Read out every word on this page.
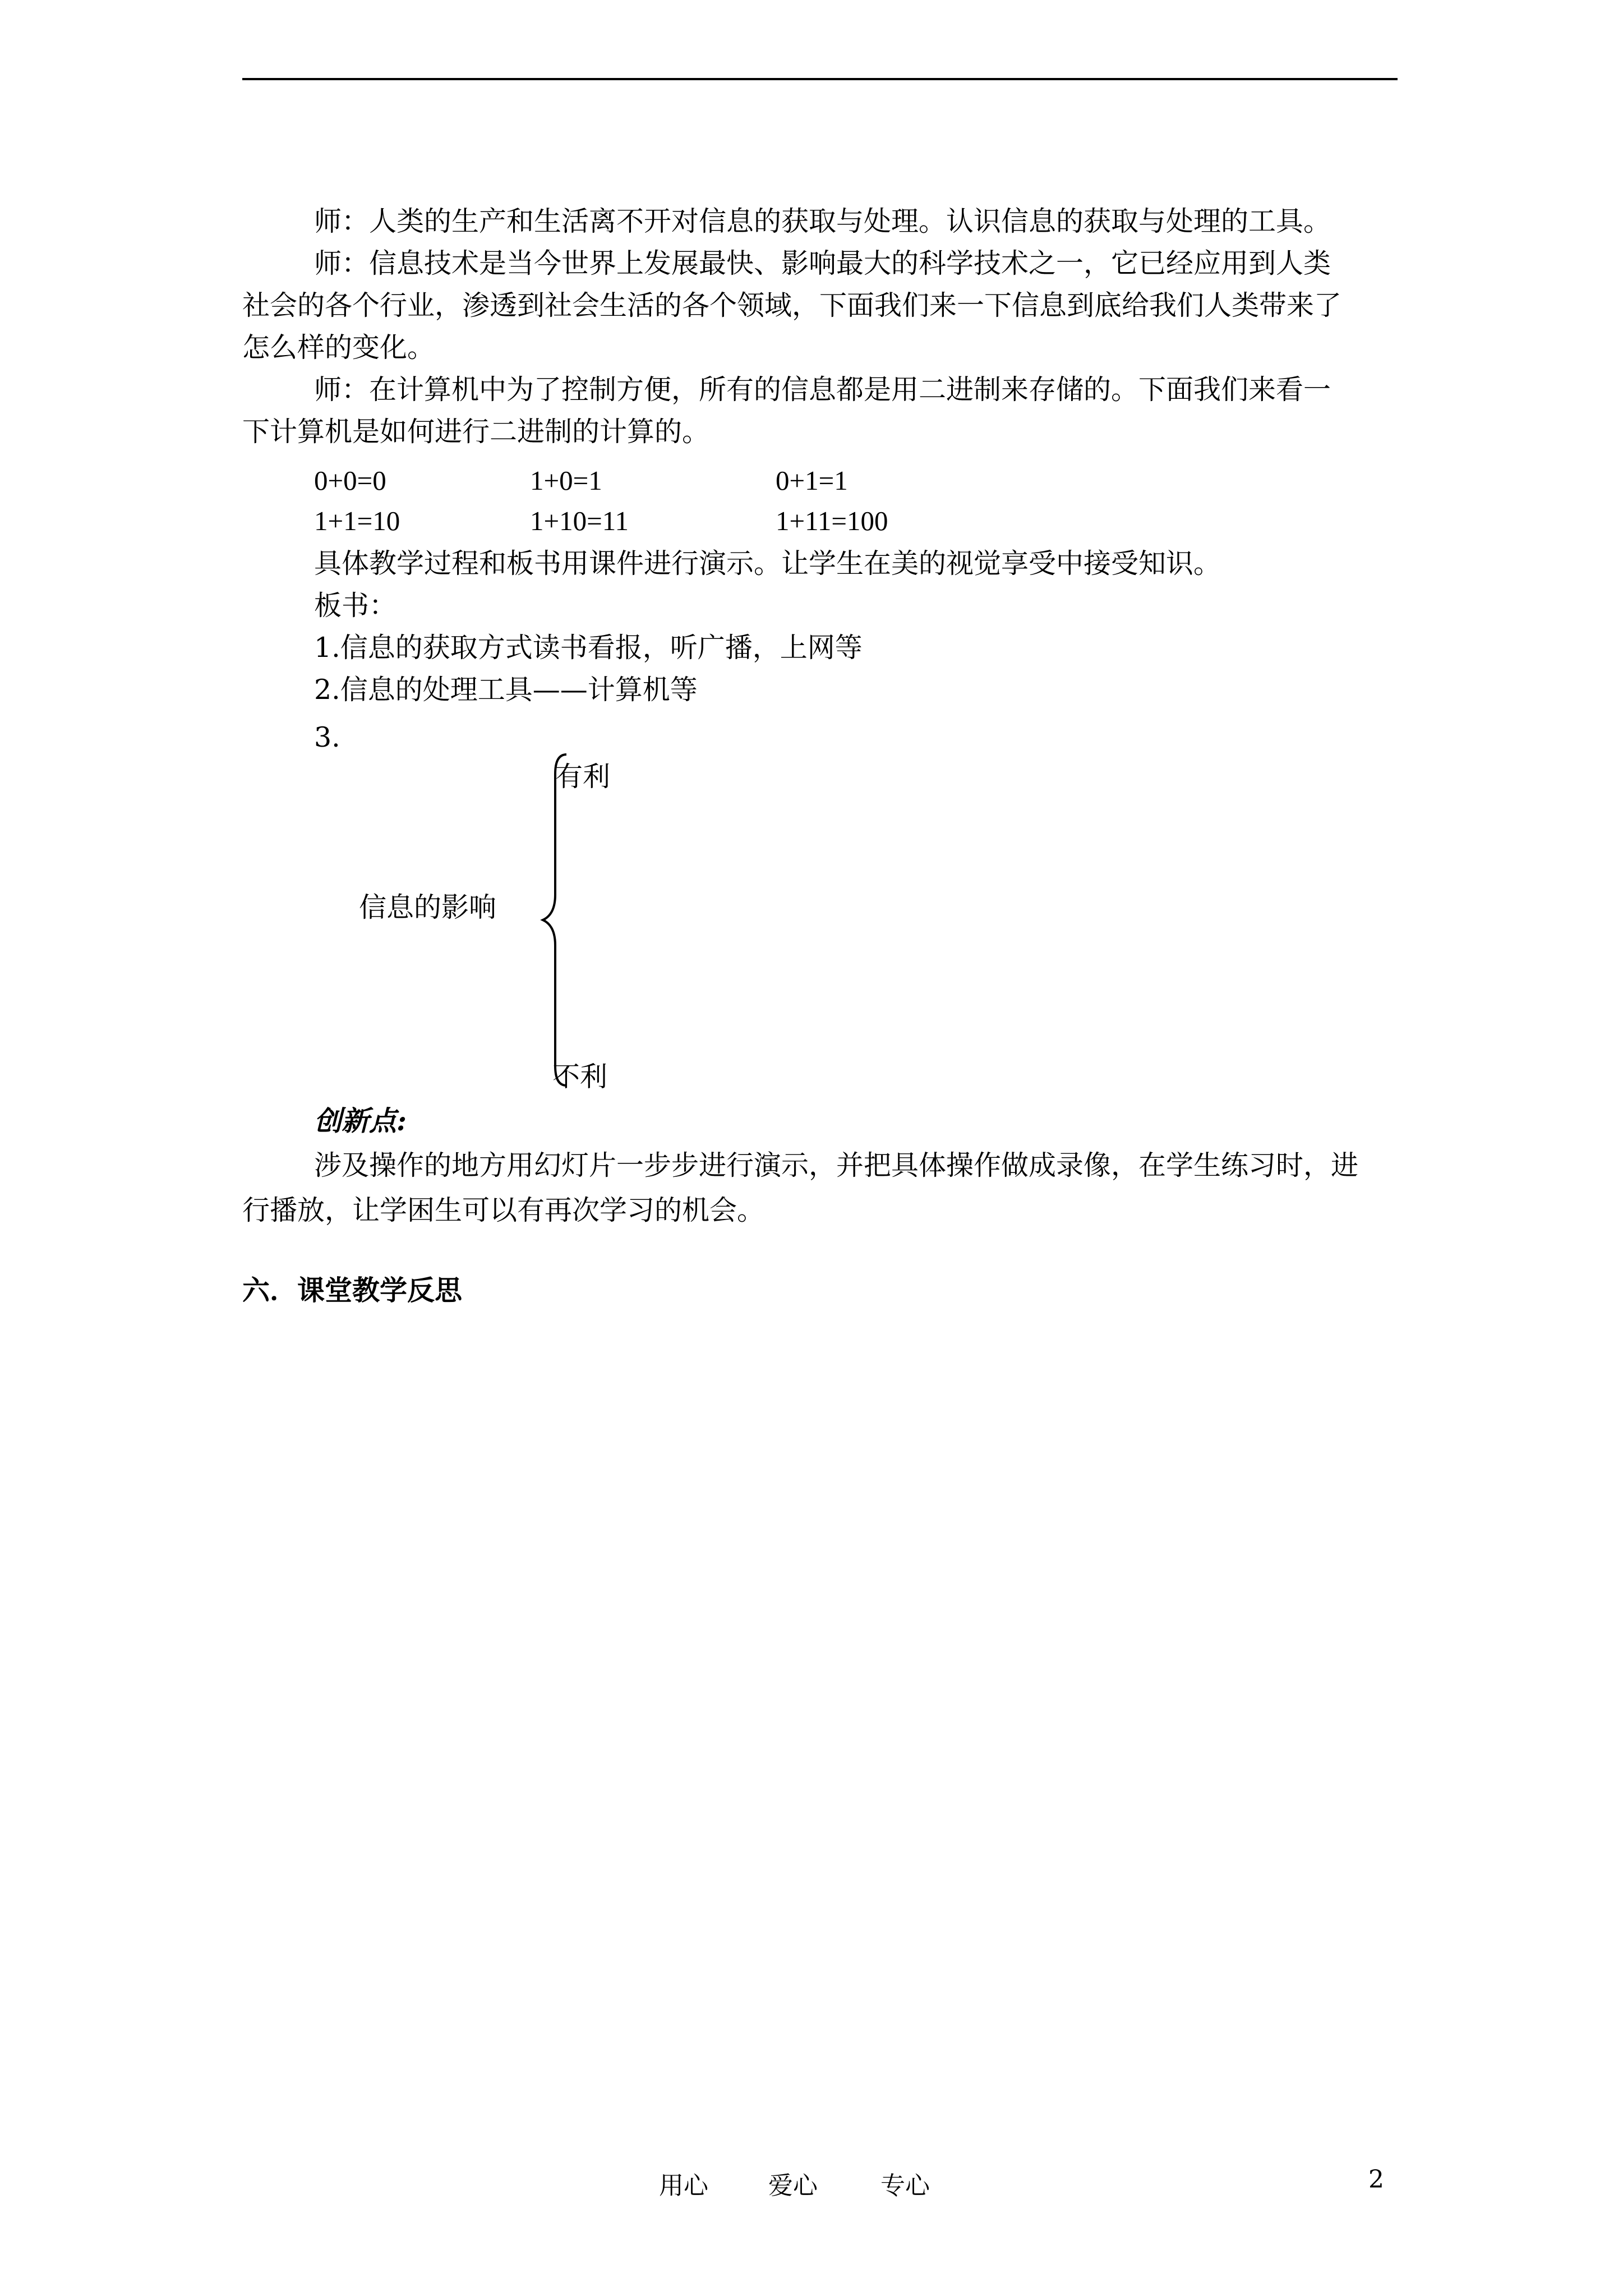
师：人类的生产和生活离不开对信息的获取与处理。认识信息的获取与处理的工具。
师：信息技术是当今世界上发展最快、影响最大的科学技术之一，它已经应用到人类
社会的各个行业，渗透到社会生活的各个领域，下面我们来一下信息到底给我们人类带来了
怎么样的变化。
师：在计算机中为了控制方便，所有的信息都是用二进制来存储的。下面我们来看一
下计算机是如何进行二进制的计算的。
0+0=0	1+0=1	0+1=1
1+1=10	1+10=11	1+11=100
具体教学过程和板书用课件进行演示。让学生在美的视觉享受中接受知识。
板书：
1.信息的获取方式读书看报，听广播，上网等
2.信息的处理工具——计算机等
3.
信息的影响
有利
不利
创新点:
涉及操作的地方用幻灯片一步步进行演示，并把具体操作做成录像，在学生练习时，进
行播放，让学困生可以有再次学习的机会。
六．课堂教学反思
用心 爱心	专心	2
